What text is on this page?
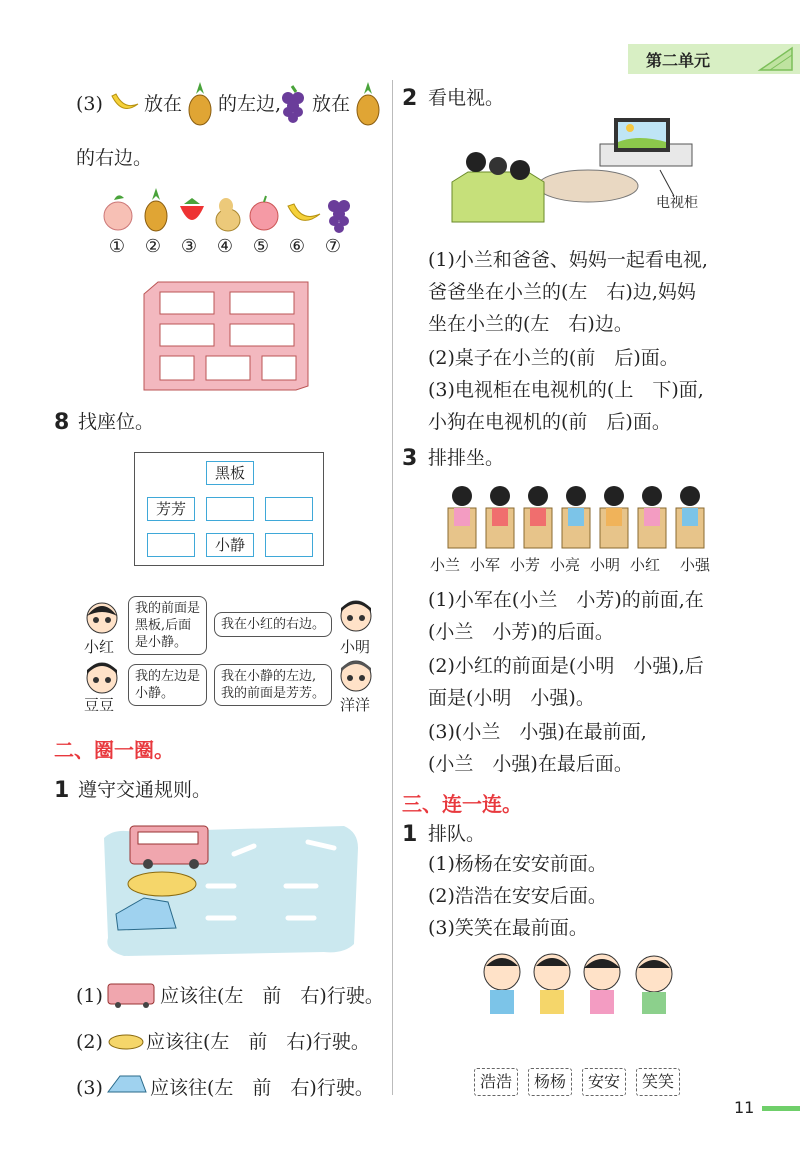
第二单元
(3) 放在 的左边, 放在
的右边。
① ② ③ ④ ⑤ ⑥ ⑦
8 找座位。
黑板
芳芳
小静
小红
我的前面是
黑板,后面
是小静。
我在小红的右边。
小明
豆豆
我的左边是
小静。
我在小静的左边,
我的前面是芳芳。
洋洋
二、圈一圈。
1 遵守交通规则。
(1)	应该往(左　前　右)行驶。
(2) 应该往(左　前　右)行驶。
(3) 应该往(左　前　右)行驶。
2 看电视。
电视柜
(1)小兰和爸爸、妈妈一起看电视,
爸爸坐在小兰的(左　右)边,妈妈
坐在小兰的(左　右)边。
(2)桌子在小兰的(前　后)面。
(3)电视柜在电视机的(上　下)面,
小狗在电视机的(前　后)面。
3 排排坐。
小兰 小军 小芳 小亮 小明 小红	小强
(1)小军在(小兰　小芳)的前面,在
(小兰　小芳)的后面。
(2)小红的前面是(小明　小强),后
面是(小明　小强)。
(3)(小兰　小强)在最前面,
(小兰　小强)在最后面。
三、连一连。
1 排队。
(1)杨杨在安安前面。
(2)浩浩在安安后面。
(3)笑笑在最前面。
浩浩	杨杨	安安	笑笑
11
